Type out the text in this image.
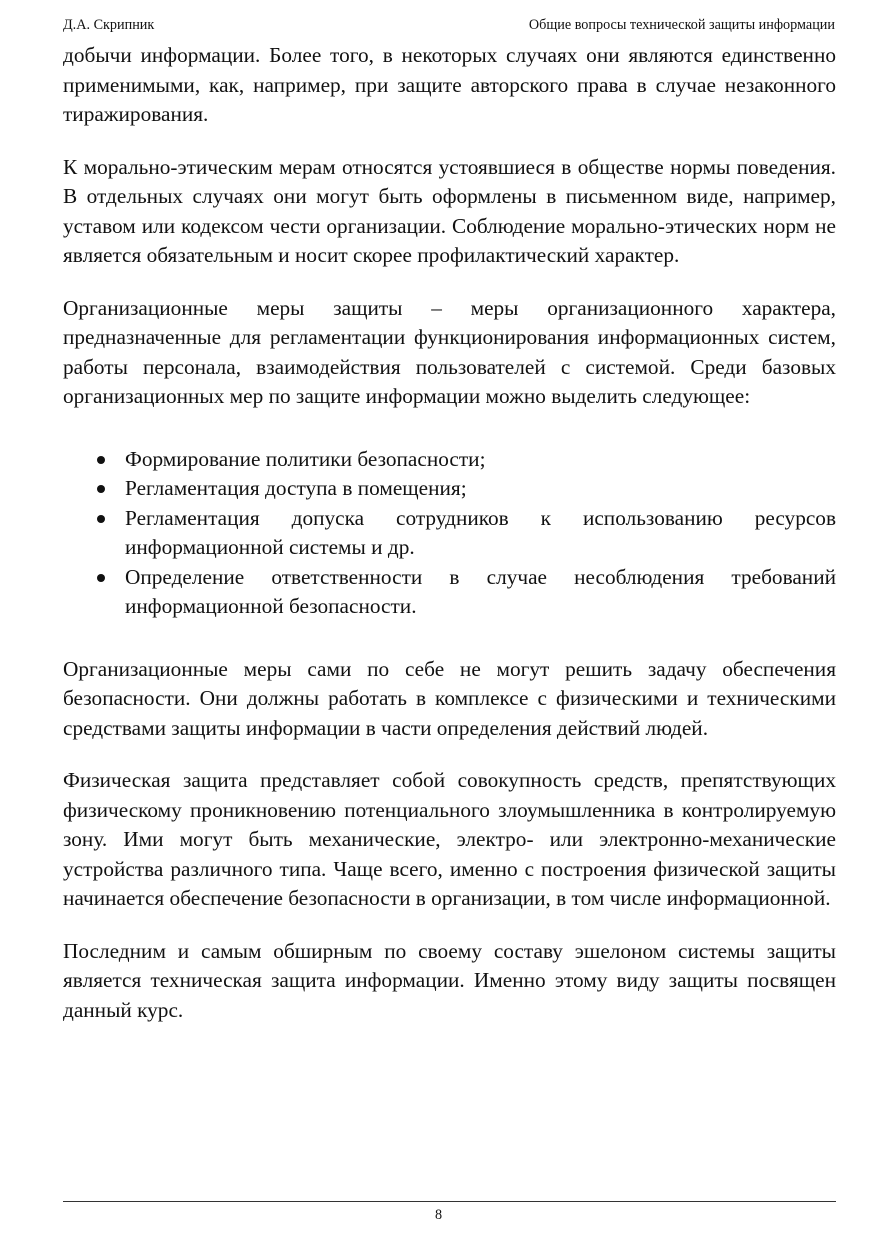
Д.А. Скрипник	Общие вопросы технической защиты информации

добычи информации. Более того, в некоторых случаях они являются единственно применимыми, как, например, при защите авторского права в случае незаконного тиражирования.

К морально-этическим мерам относятся устоявшиеся в обществе нормы поведения. В отдельных случаях они могут быть оформлены в письменном виде, например, уставом или кодексом чести организации. Соблюдение морально-этических норм не является обязательным и носит скорее профилактический характер.

Организационные меры защиты – меры организационного характера, предназначенные для регламентации функционирования информационных систем, работы персонала, взаимодействия пользователей с системой. Среди базовых организационных мер по защите информации можно выделить следующее:

Формирование политики безопасности;
Регламентация доступа в помещения;
Регламентация допуска сотрудников к использованию ресурсов информационной системы и др.
Определение ответственности в случае несоблюдения требований информационной безопасности.

Организационные меры сами по себе не могут решить задачу обеспечения безопасности. Они должны работать в комплексе с физическими и техническими средствами защиты информации в части определения действий людей.

Физическая защита представляет собой совокупность средств, препятствующих физическому проникновению потенциального злоумышленника в контролируемую зону. Ими могут быть механические, электро- или электронно-механические устройства различного типа. Чаще всего, именно с построения физической защиты начинается обеспечение безопасности в организации, в том числе информационной.

Последним и самым обширным по своему составу эшелоном системы защиты является техническая защита информации. Именно этому виду защиты посвящен данный курс.

8
